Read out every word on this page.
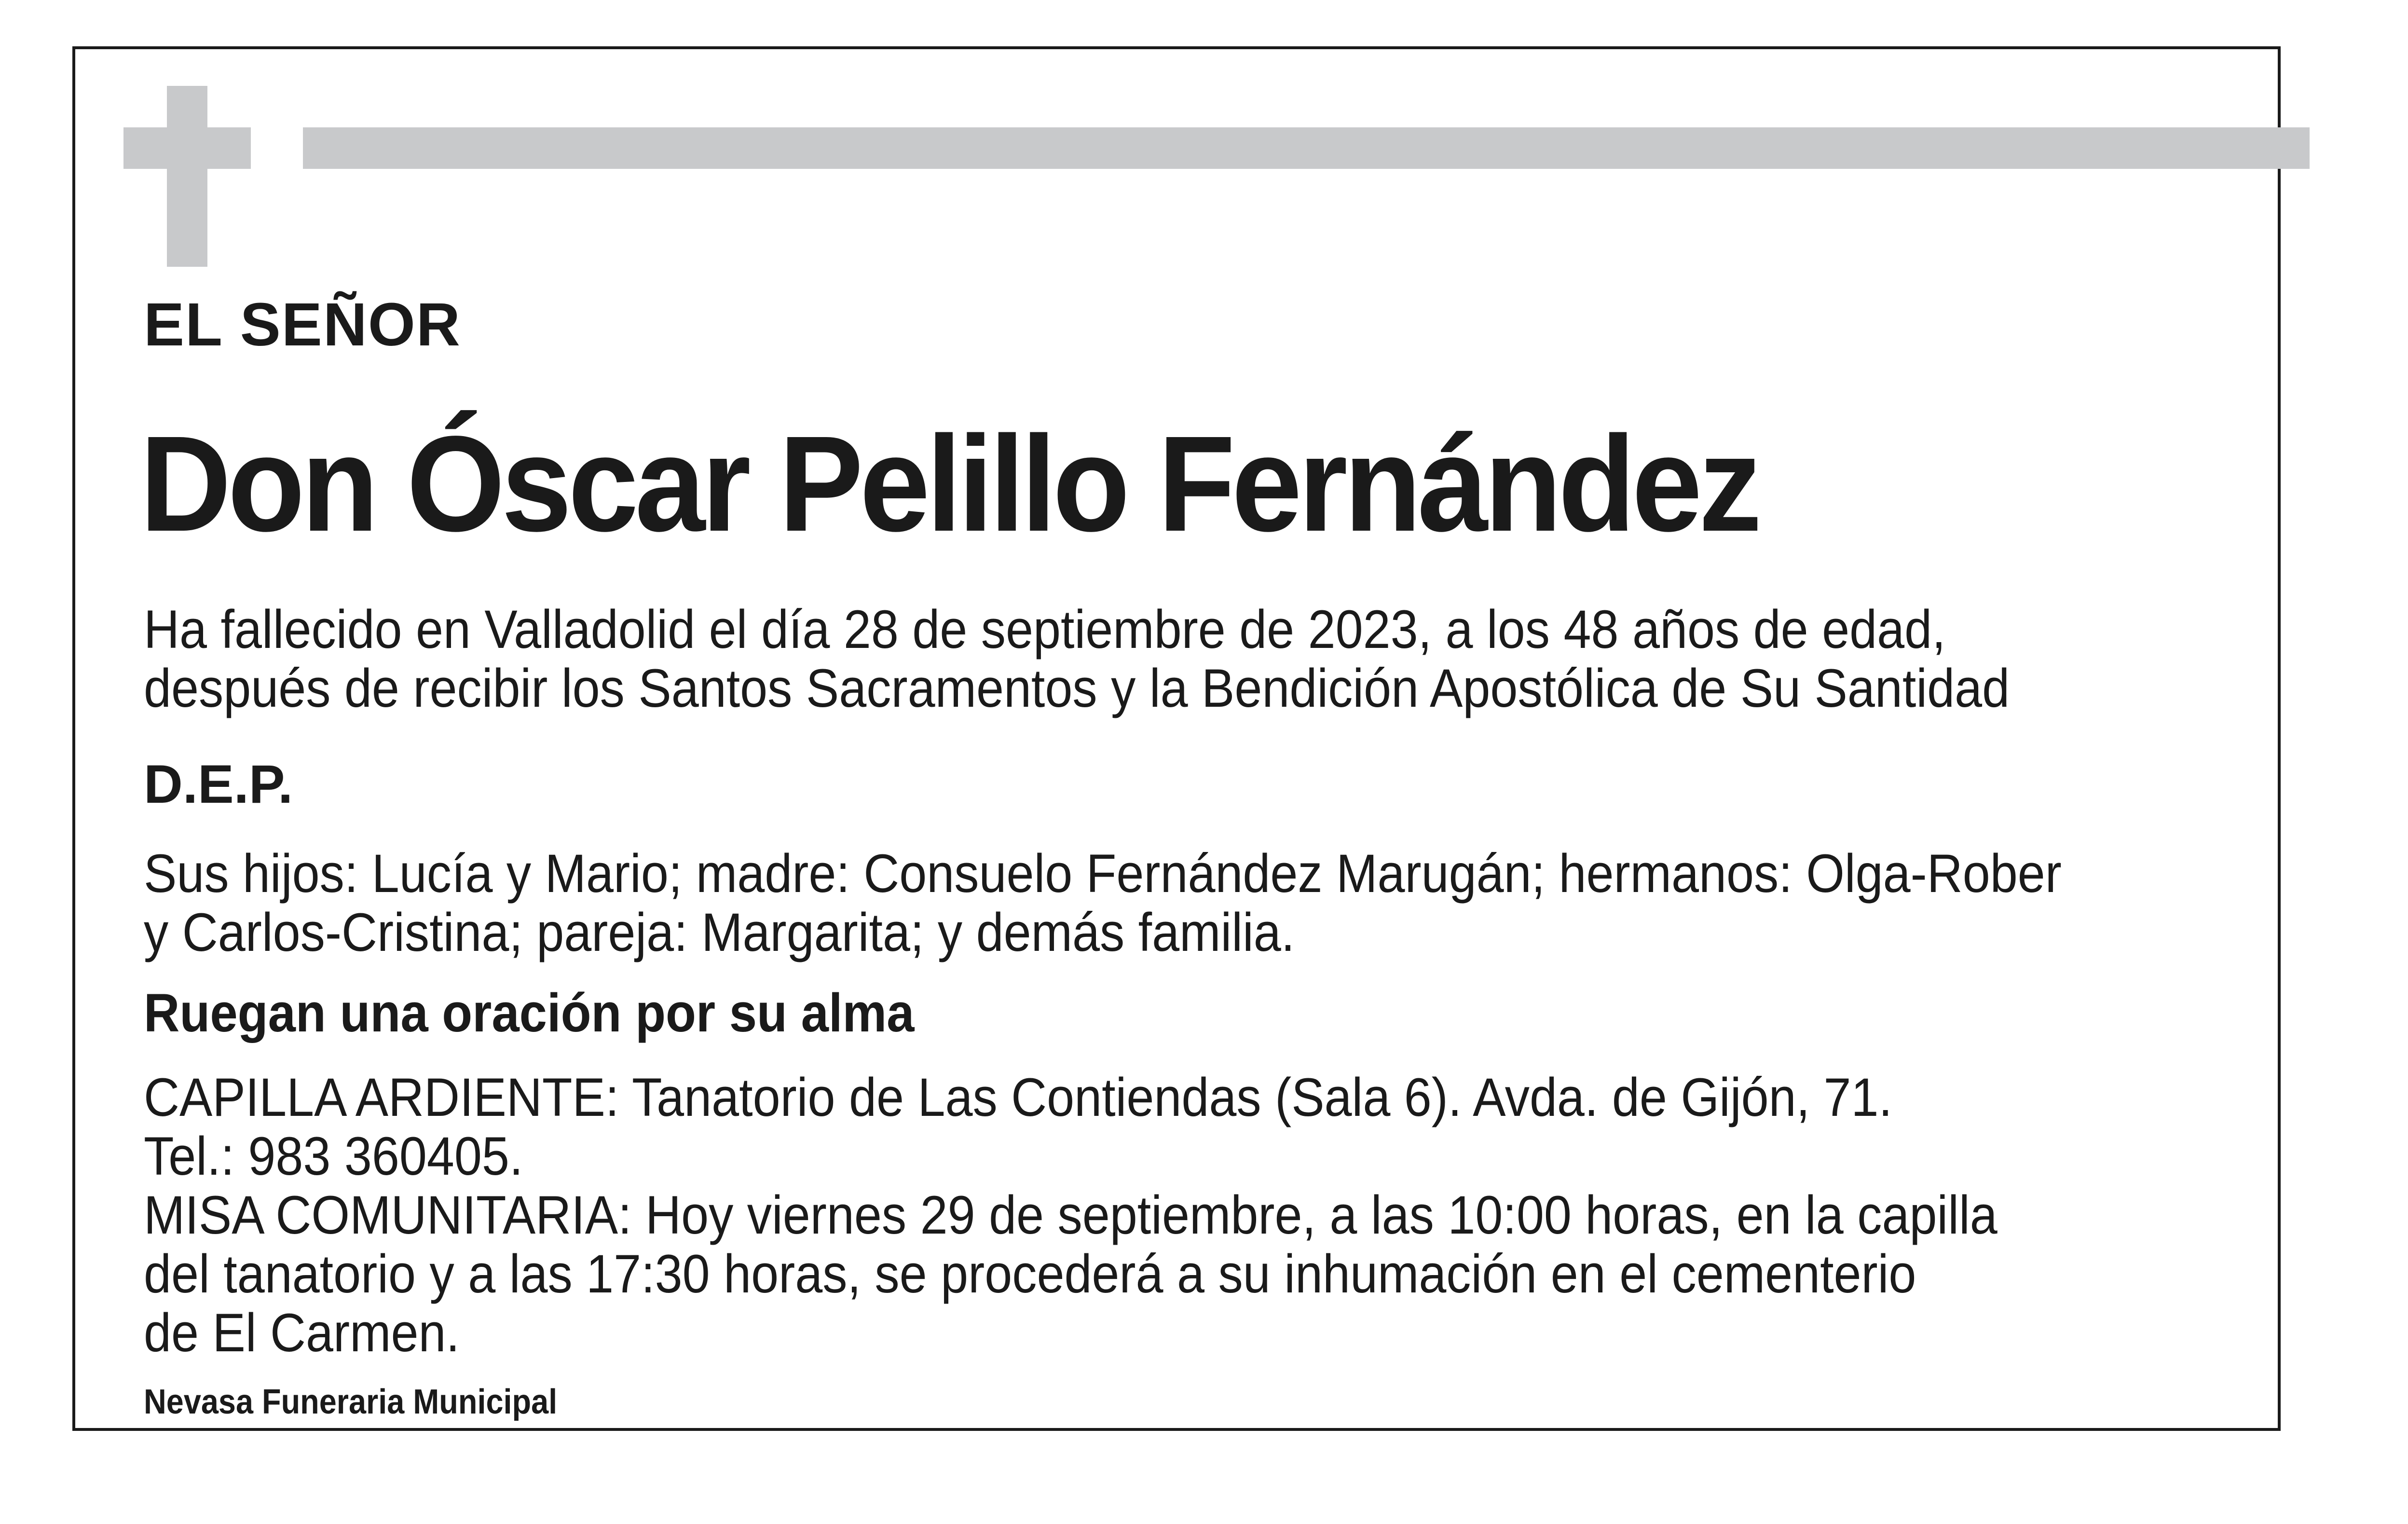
EL SEÑOR
Don Óscar Pelillo Fernández
Ha fallecido en Valladolid el día 28 de septiembre de 2023, a los 48 años de edad,
después de recibir los Santos Sacramentos y la Bendición Apostólica de Su Santidad
D.E.P.
Sus hijos: Lucía y Mario; madre: Consuelo Fernández Marugán; hermanos: Olga-Rober
y Carlos-Cristina; pareja: Margarita; y demás familia.
Ruegan una oración por su alma
CAPILLA ARDIENTE: Tanatorio de Las Contiendas (Sala 6). Avda. de Gijón, 71.
Tel.: 983 360405.
MISA COMUNITARIA: Hoy viernes 29 de septiembre, a las 10:00 horas, en la capilla
del tanatorio y a las 17:30 horas, se procederá a su inhumación en el cementerio
de El Carmen.
Nevasa Funeraria Municipal
